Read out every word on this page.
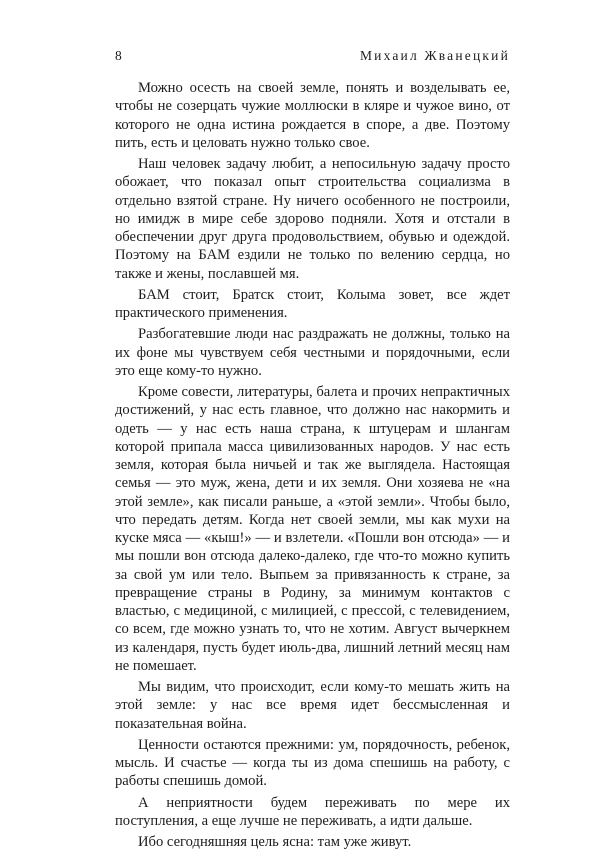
8	Михаил Жванецкий

Можно осесть на своей земле, понять и возделывать ее, чтобы не созерцать чужие моллюски в кляре и чужое вино, от которого не одна истина рождается в споре, а две. Поэтому пить, есть и целовать нужно только свое.

Наш человек задачу любит, а непосильную задачу просто обожает, что показал опыт строительства социализма в отдельно взятой стране. Ну ничего особенного не построили, но имидж в мире себе здорово подняли. Хотя и отстали в обеспечении друг друга продовольствием, обувью и одеждой. Поэтому на БАМ ездили не только по велению сердца, но также и жены, пославшей мя.

БАМ стоит, Братск стоит, Колыма зовет, все ждет практического применения.

Разбогатевшие люди нас раздражать не должны, только на их фоне мы чувствуем себя честными и порядочными, если это еще кому-то нужно.

Кроме совести, литературы, балета и прочих непрактичных достижений, у нас есть главное, что должно нас накормить и одеть — у нас есть наша страна, к штуцерам и шлангам которой припала масса цивилизованных народов. У нас есть земля, которая была ничьей и так же выглядела. Настоящая семья — это муж, жена, дети и их земля. Они хозяева не «на этой земле», как писали раньше, а «этой земли». Чтобы было, что передать детям. Когда нет своей земли, мы как мухи на куске мяса — «кыш!» — и взлетели. «Пошли вон отсюда» — и мы пошли вон отсюда далеко-далеко, где что-то можно купить за свой ум или тело. Выпьем за привязанность к стране, за превращение страны в Родину, за минимум контактов с властью, с медициной, с милицией, с прессой, с телевидением, со всем, где можно узнать то, что не хотим. Август вычеркнем из календаря, пусть будет июль-два, лишний летний месяц нам не помешает.

Мы видим, что происходит, если кому-то мешать жить на этой земле: у нас все время идет бессмысленная и показательная война.

Ценности остаются прежними: ум, порядочность, ребенок, мысль. И счастье — когда ты из дома спешишь на работу, с работы спешишь домой.

А неприятности будем переживать по мере их поступления, а еще лучше не переживать, а идти дальше.

Ибо сегодняшняя цель ясна: там уже живут.
